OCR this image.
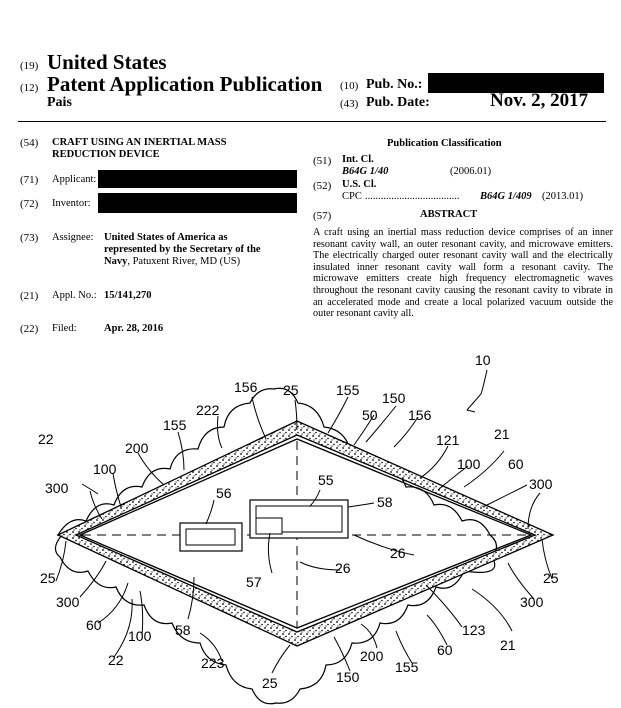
(19) United States
(12) Patent Application Publication
Pais
(10) Pub. No.:
(43) Pub. Date:	Nov. 2, 2017
(54) CRAFT USING AN INERTIAL MASS
REDUCTION DEVICE
(71) Applicant:
(72) Inventor:
(73) Assignee: United States of America as
represented by the Secretary of the
Navy, Patuxent River, MD (US)
(21) Appl. No.: 15/141,270
(22) Filed:	Apr. 28, 2016
Publication Classification
(51) Int. Cl.
B64G 1/40	(2006.01)
(52) U.S. Cl.
CPC .................................... B64G 1/409 (2013.01)
(57)	ABSTRACT
A craft using an inertial mass reduction device comprises of an inner resonant cavity wall, an outer resonant cavity, and microwave emitters. The electrically charged outer resonant cavity wall and the electrically insulated inner resonant cavity wall form a resonant cavity. The microwave emitters create high frequency electromagnetic waves throughout the resonant cavity causing the resonant cavity to vibrate in an accelerated mode and create a local polarized vacuum outside the outer resonant cavity all.
10
156 25	155 150
222	50 156
155
22
200	121 21
100	100 60
300	300
56
55
58
26
26
57
25	25
300	300
60	58	123
100
200	60	21
22	223	155
150
25
